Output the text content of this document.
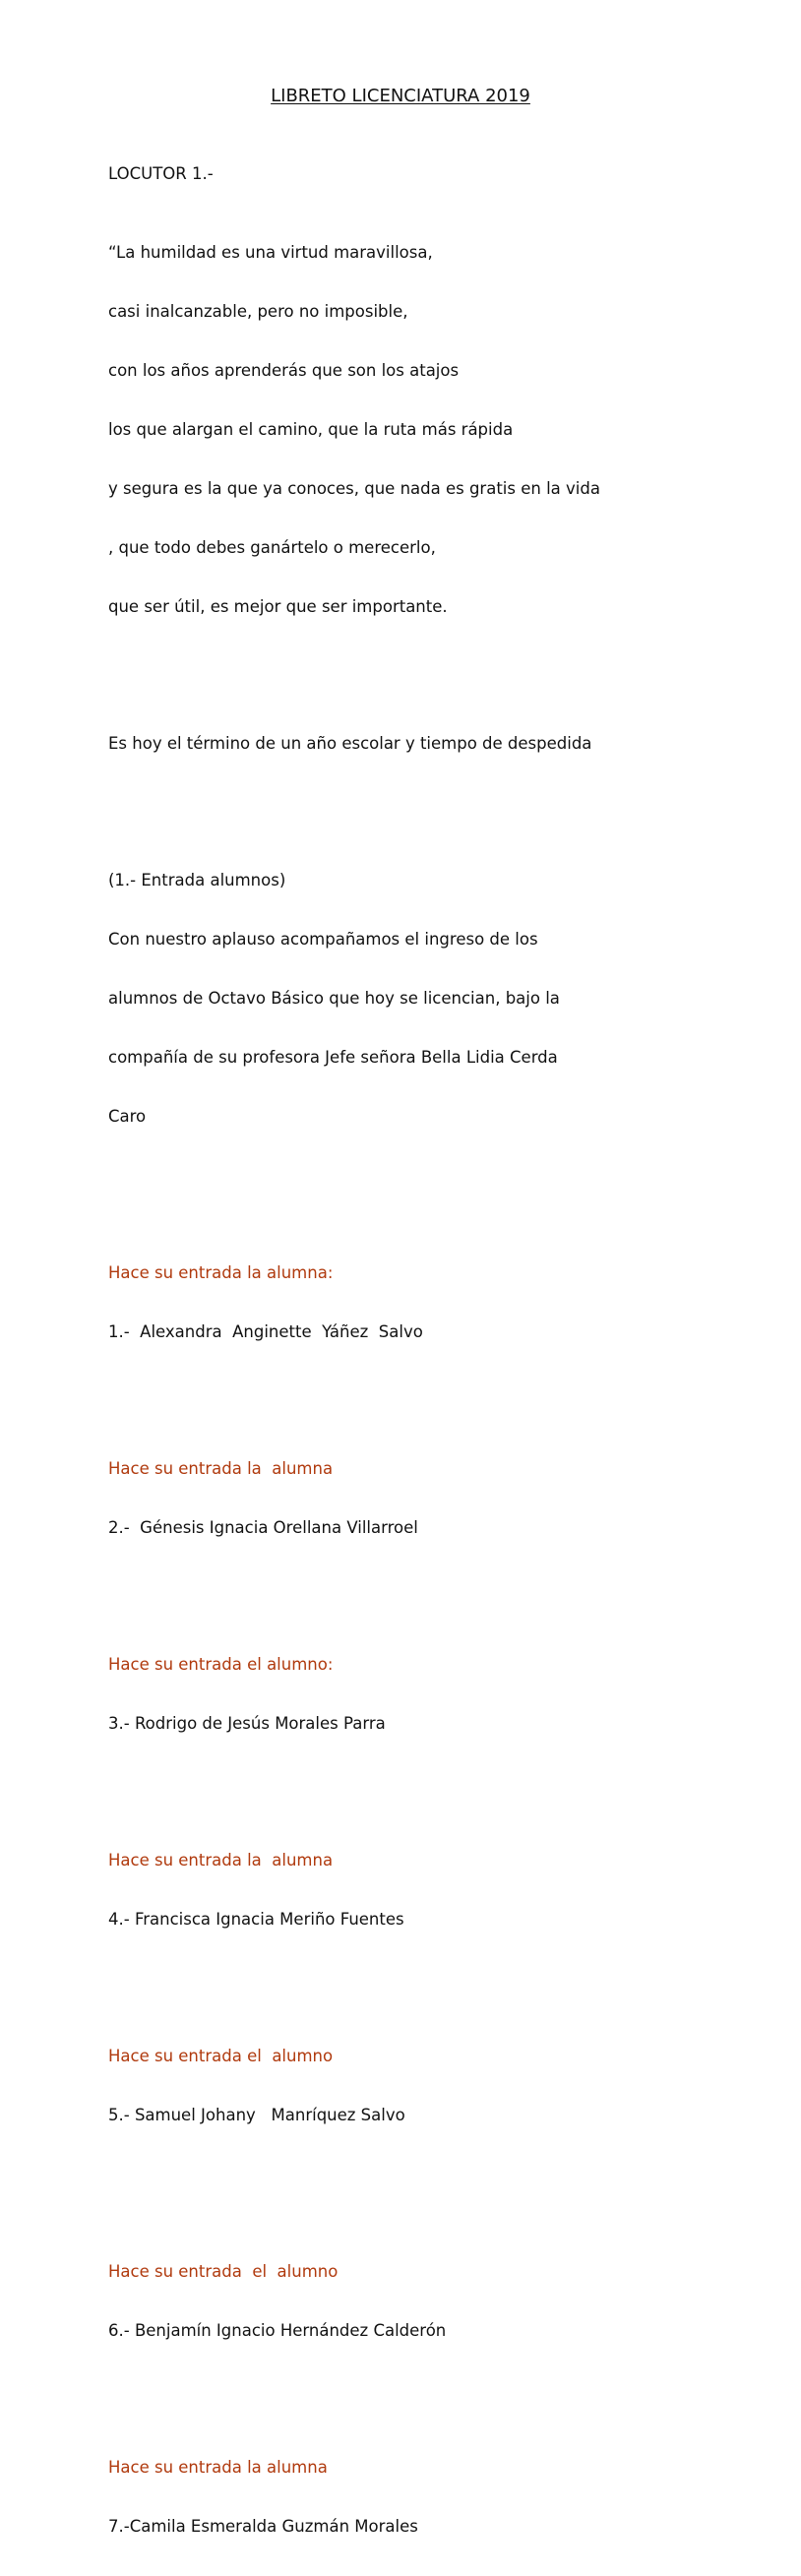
LIBRETO LICENCIATURA 2019

LOCUTOR 1.-

“La humildad es una virtud maravillosa,

casi inalcanzable, pero no imposible,

con los años aprenderás que son los atajos

los que alargan el camino, que la ruta más rápida

y segura es la que ya conoces, que nada es gratis en la vida

, que todo debes ganártelo o merecerlo,

que ser útil, es mejor que ser importante.

Es hoy el término de un año escolar y tiempo de despedida

(1.- Entrada alumnos)

Con nuestro aplauso acompañamos el ingreso de los

alumnos de Octavo Básico que hoy se licencian, bajo la

compañía de su profesora Jefe señora Bella Lidia Cerda

Caro

Hace su entrada la alumna:

1.-  Alexandra  Anginette  Yáñez  Salvo

Hace su entrada la  alumna

2.-  Génesis Ignacia Orellana Villarroel

Hace su entrada el alumno:

3.- Rodrigo de Jesús Morales Parra

Hace su entrada la  alumna

4.- Francisca Ignacia Meriño Fuentes

Hace su entrada el  alumno

5.- Samuel Johany   Manríquez Salvo

Hace su entrada  el  alumno

6.- Benjamín Ignacio Hernández Calderón

Hace su entrada la alumna

7.-Camila Esmeralda Guzmán Morales
